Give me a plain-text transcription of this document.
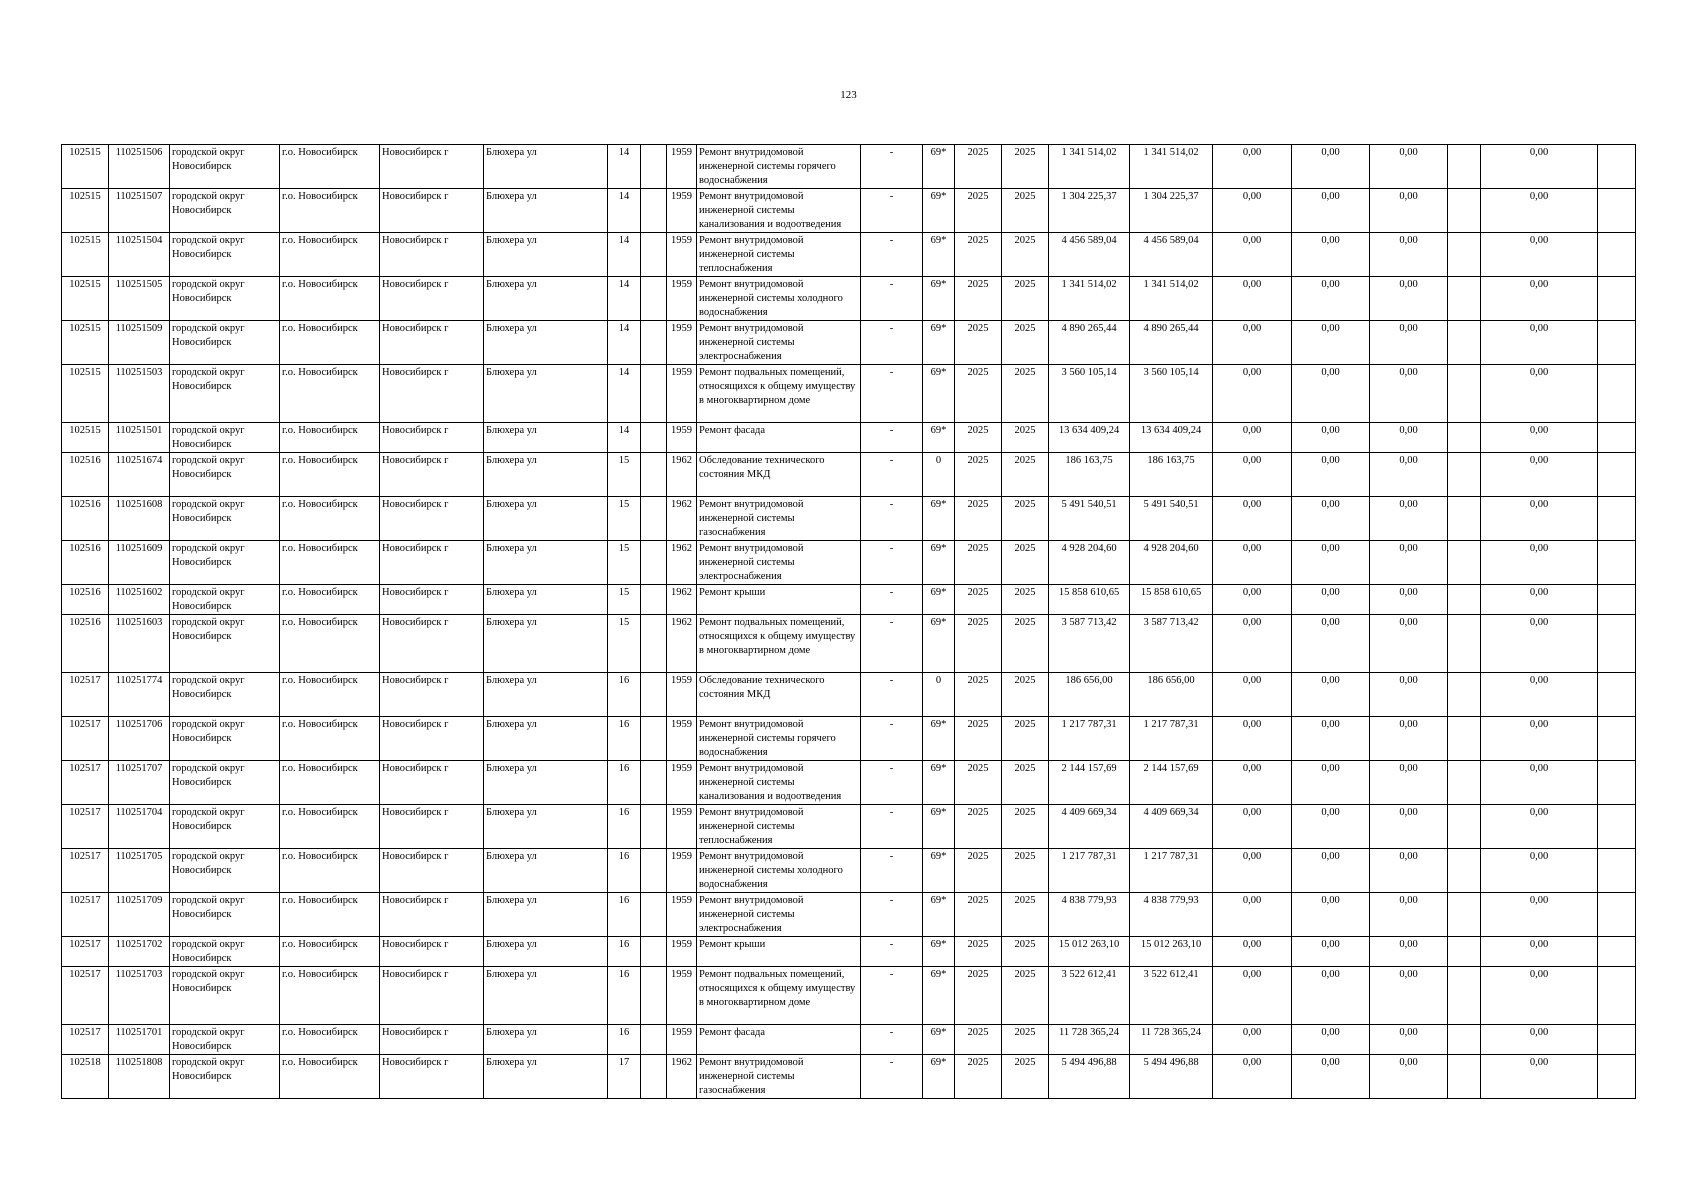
123
102515	110251506	городской округ Новосибирск	г.о. Новосибирск	Новосибирск г	Блюхера ул	14		1959	Ремонт внутридомовой инженерной системы горячего водоснабжения	-	69*	2025	2025	1 341 514,02	1 341 514,02	0,00	0,00	0,00		0,00	
102515	110251507	городской округ Новосибирск	г.о. Новосибирск	Новосибирск г	Блюхера ул	14		1959	Ремонт внутридомовой инженерной системы канализования и водоотведения	-	69*	2025	2025	1 304 225,37	1 304 225,37	0,00	0,00	0,00		0,00	
102515	110251504	городской округ Новосибирск	г.о. Новосибирск	Новосибирск г	Блюхера ул	14		1959	Ремонт внутридомовой инженерной системы теплоснабжения	-	69*	2025	2025	4 456 589,04	4 456 589,04	0,00	0,00	0,00		0,00	
102515	110251505	городской округ Новосибирск	г.о. Новосибирск	Новосибирск г	Блюхера ул	14		1959	Ремонт внутридомовой инженерной системы холодного водоснабжения	-	69*	2025	2025	1 341 514,02	1 341 514,02	0,00	0,00	0,00		0,00	
102515	110251509	городской округ Новосибирск	г.о. Новосибирск	Новосибирск г	Блюхера ул	14		1959	Ремонт внутридомовой инженерной системы электроснабжения	-	69*	2025	2025	4 890 265,44	4 890 265,44	0,00	0,00	0,00		0,00	
102515	110251503	городской округ Новосибирск	г.о. Новосибирск	Новосибирск г	Блюхера ул	14		1959	Ремонт подвальных помещений, относящихся к общему имуществу в многоквартирном доме	-	69*	2025	2025	3 560 105,14	3 560 105,14	0,00	0,00	0,00		0,00	
102515	110251501	городской округ Новосибирск	г.о. Новосибирск	Новосибирск г	Блюхера ул	14		1959	Ремонт фасада	-	69*	2025	2025	13 634 409,24	13 634 409,24	0,00	0,00	0,00		0,00	
102516	110251674	городской округ Новосибирск	г.о. Новосибирск	Новосибирск г	Блюхера ул	15		1962	Обследование технического состояния МКД	-	0	2025	2025	186 163,75	186 163,75	0,00	0,00	0,00		0,00	
102516	110251608	городской округ Новосибирск	г.о. Новосибирск	Новосибирск г	Блюхера ул	15		1962	Ремонт внутридомовой инженерной системы газоснабжения	-	69*	2025	2025	5 491 540,51	5 491 540,51	0,00	0,00	0,00		0,00	
102516	110251609	городской округ Новосибирск	г.о. Новосибирск	Новосибирск г	Блюхера ул	15		1962	Ремонт внутридомовой инженерной системы электроснабжения	-	69*	2025	2025	4 928 204,60	4 928 204,60	0,00	0,00	0,00		0,00	
102516	110251602	городской округ Новосибирск	г.о. Новосибирск	Новосибирск г	Блюхера ул	15		1962	Ремонт крыши	-	69*	2025	2025	15 858 610,65	15 858 610,65	0,00	0,00	0,00		0,00	
102516	110251603	городской округ Новосибирск	г.о. Новосибирск	Новосибирск г	Блюхера ул	15		1962	Ремонт подвальных помещений, относящихся к общему имуществу в многоквартирном доме	-	69*	2025	2025	3 587 713,42	3 587 713,42	0,00	0,00	0,00		0,00	
102517	110251774	городской округ Новосибирск	г.о. Новосибирск	Новосибирск г	Блюхера ул	16		1959	Обследование технического состояния МКД	-	0	2025	2025	186 656,00	186 656,00	0,00	0,00	0,00		0,00	
102517	110251706	городской округ Новосибирск	г.о. Новосибирск	Новосибирск г	Блюхера ул	16		1959	Ремонт внутридомовой инженерной системы горячего водоснабжения	-	69*	2025	2025	1 217 787,31	1 217 787,31	0,00	0,00	0,00		0,00	
102517	110251707	городской округ Новосибирск	г.о. Новосибирск	Новосибирск г	Блюхера ул	16		1959	Ремонт внутридомовой инженерной системы канализования и водоотведения	-	69*	2025	2025	2 144 157,69	2 144 157,69	0,00	0,00	0,00		0,00	
102517	110251704	городской округ Новосибирск	г.о. Новосибирск	Новосибирск г	Блюхера ул	16		1959	Ремонт внутридомовой инженерной системы теплоснабжения	-	69*	2025	2025	4 409 669,34	4 409 669,34	0,00	0,00	0,00		0,00	
102517	110251705	городской округ Новосибирск	г.о. Новосибирск	Новосибирск г	Блюхера ул	16		1959	Ремонт внутридомовой инженерной системы холодного водоснабжения	-	69*	2025	2025	1 217 787,31	1 217 787,31	0,00	0,00	0,00		0,00	
102517	110251709	городской округ Новосибирск	г.о. Новосибирск	Новосибирск г	Блюхера ул	16		1959	Ремонт внутридомовой инженерной системы электроснабжения	-	69*	2025	2025	4 838 779,93	4 838 779,93	0,00	0,00	0,00		0,00	
102517	110251702	городской округ Новосибирск	г.о. Новосибирск	Новосибирск г	Блюхера ул	16		1959	Ремонт крыши	-	69*	2025	2025	15 012 263,10	15 012 263,10	0,00	0,00	0,00		0,00	
102517	110251703	городской округ Новосибирск	г.о. Новосибирск	Новосибирск г	Блюхера ул	16		1959	Ремонт подвальных помещений, относящихся к общему имуществу в многоквартирном доме	-	69*	2025	2025	3 522 612,41	3 522 612,41	0,00	0,00	0,00		0,00	
102517	110251701	городской округ Новосибирск	г.о. Новосибирск	Новосибирск г	Блюхера ул	16		1959	Ремонт фасада	-	69*	2025	2025	11 728 365,24	11 728 365,24	0,00	0,00	0,00		0,00	
102518	110251808	городской округ Новосибирск	г.о. Новосибирск	Новосибирск г	Блюхера ул	17		1962	Ремонт внутридомовой инженерной системы газоснабжения	-	69*	2025	2025	5 494 496,88	5 494 496,88	0,00	0,00	0,00		0,00	
